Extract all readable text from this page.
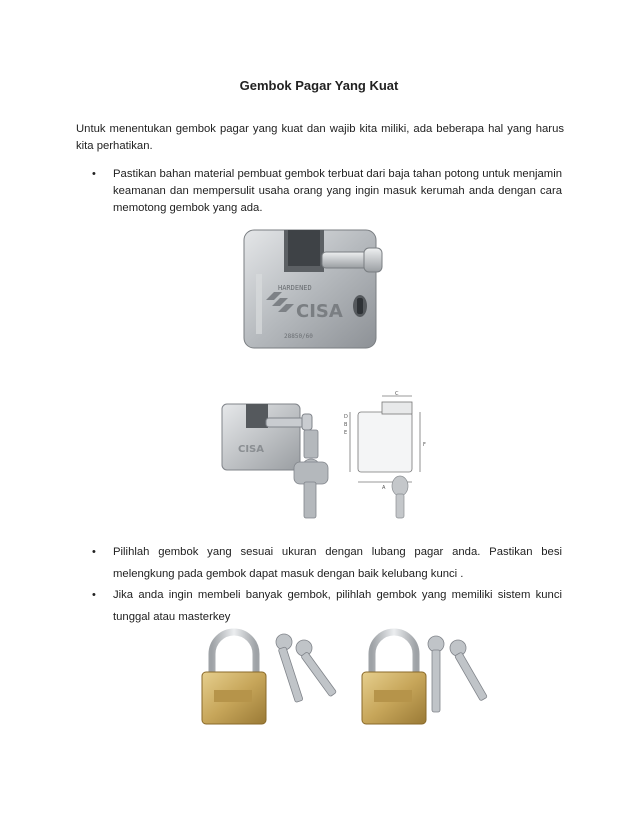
Gembok Pagar Yang Kuat
Untuk menentukan gembok pagar yang kuat dan wajib kita miliki, ada beberapa hal yang harus kita perhatikan.
•	Pastikan bahan material pembuat gembok terbuat dari baja tahan potong untuk menjamin keamanan dan mempersulit usaha orang yang ingin masuk kerumah anda dengan cara memotong gembok yang ada.
HARDENED
CISA
28850/60
CISA
C
D
B
E
A
F
•	Pilihlah gembok yang sesuai ukuran dengan lubang pagar anda. Pastikan besi melengkung pada gembok dapat masuk dengan baik kelubang kunci .
•	Jika anda ingin membeli banyak gembok, pilihlah gembok yang memiliki sistem kunci tunggal atau masterkey
